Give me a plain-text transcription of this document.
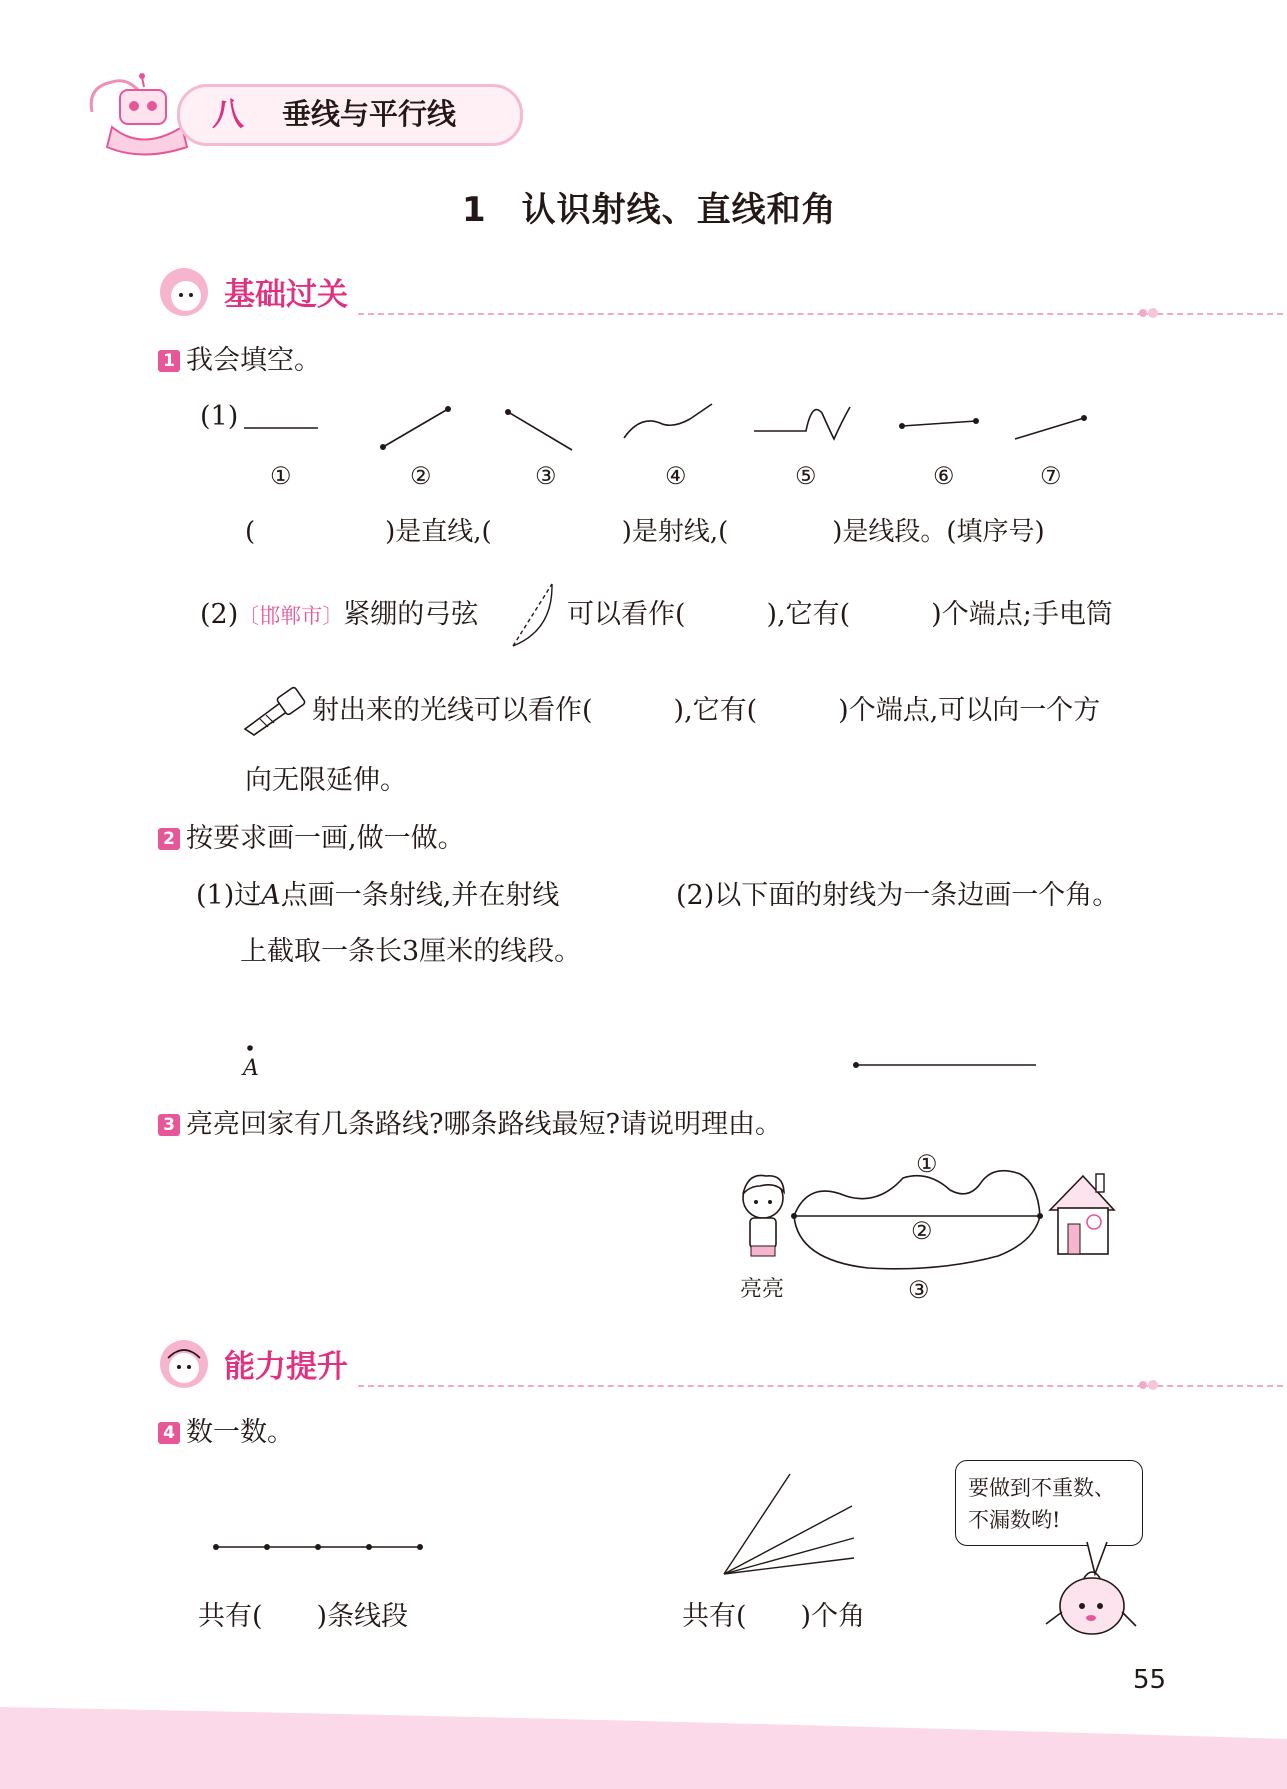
八 垂线与平行线
1　认识射线、直线和角
基础过关
1 我会填空。
(1)
①	②	③	④	⑤	⑥	⑦
(　　　　　)是直线,(　　　　　)是射线,(　　　　)是线段。(填序号)
(2)〔邯郸市〕紧绷的弓弦	可以看作(　　　),它有(　　　)个端点;手电筒
射出来的光线可以看作(　　　),它有(　　　)个端点,可以向一个方
向无限延伸。
2 按要求画一画,做一做。
(1)过A点画一条射线,并在射线
上截取一条长3厘米的线段。
(2)以下面的射线为一条边画一个角。
A
3 亮亮回家有几条路线?哪条路线最短?请说明理由。
①
②
③
亮亮
能力提升
4 数一数。
共有(　　)条线段	共有(　　)个角
要做到不重数、
不漏数哟!
55
